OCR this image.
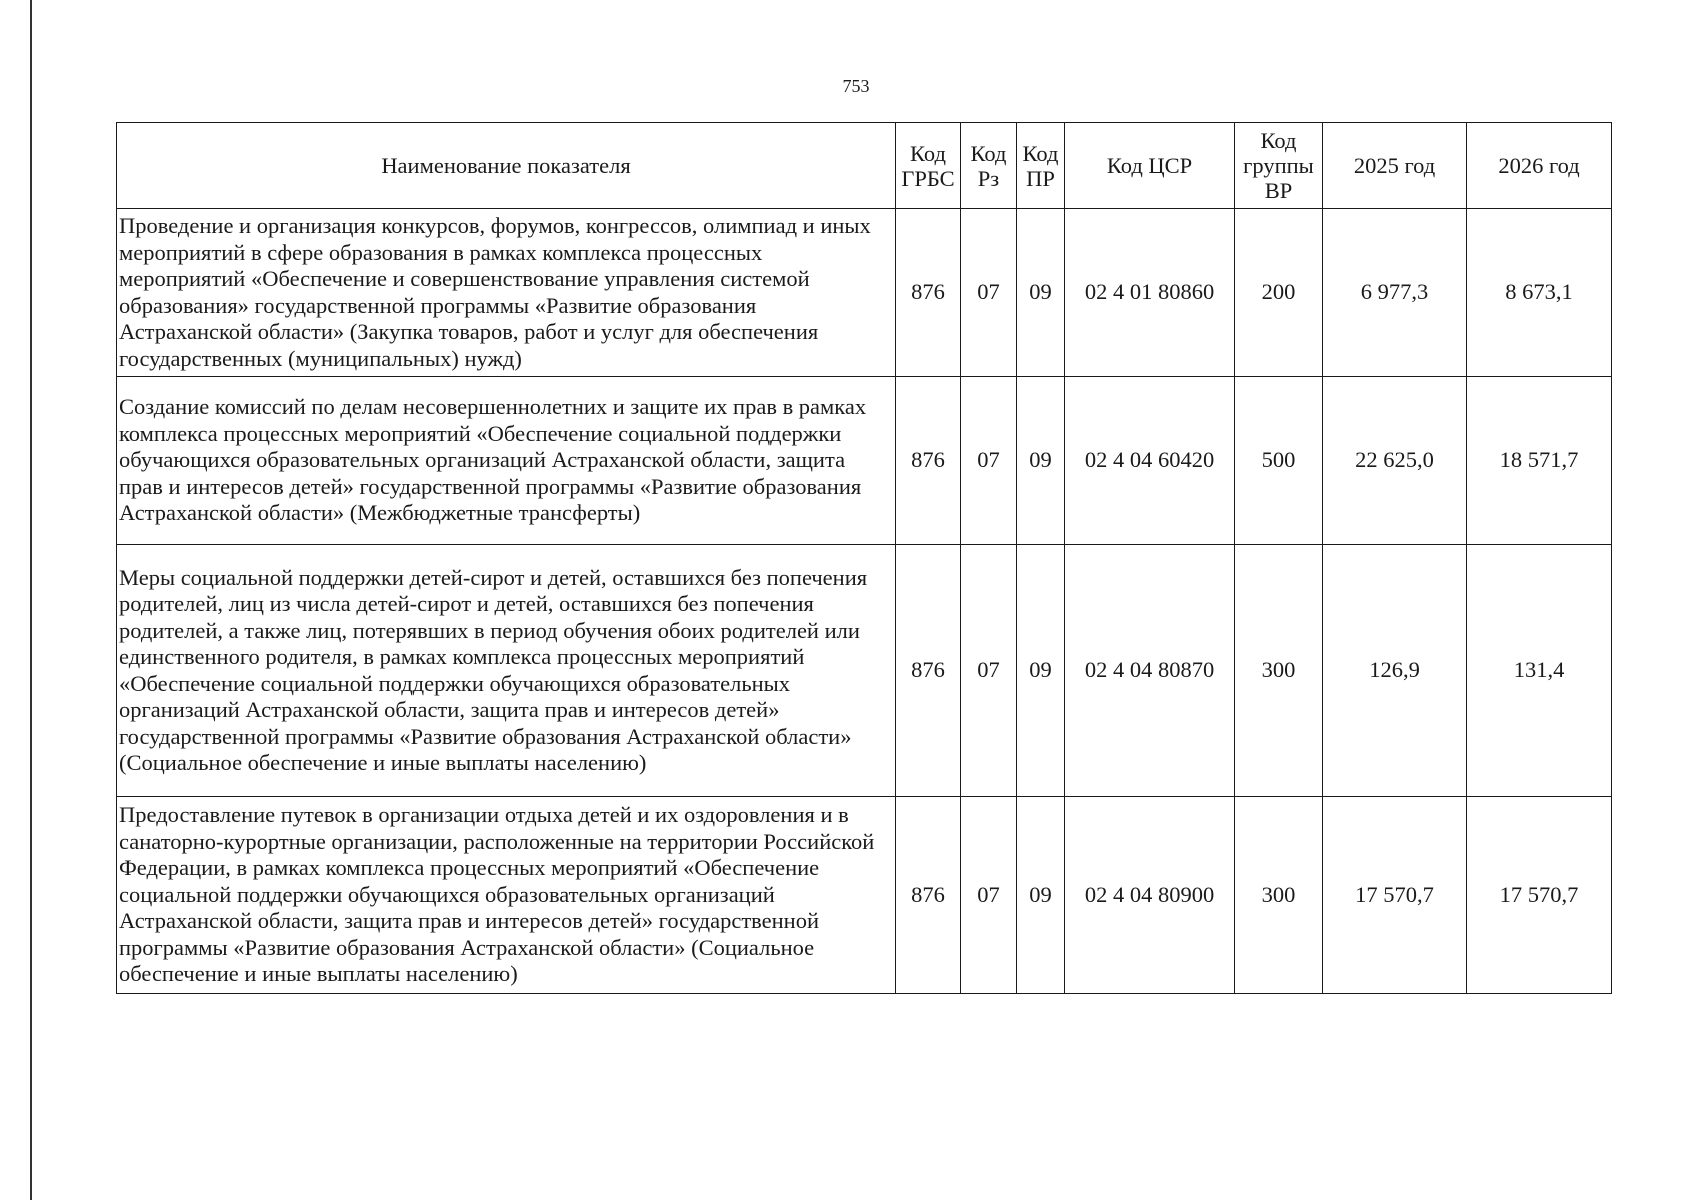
753
Наименование показателя	Код ГРБС	Код Рз	Код ПР	Код ЦСР	Код группы ВР	2025 год	2026 год
Проведение и организация конкурсов, форумов, конгрессов, олимпиад и иных мероприятий в сфере образования в рамках комплекса процессных мероприятий «Обеспечение и совершенствование управления системой образования» государственной программы «Развитие образования Астраханской области» (Закупка товаров, работ и услуг для обеспечения государственных (муниципальных) нужд)	876	07	09	02 4 01 80860	200	6 977,3	8 673,1
Создание комиссий по делам несовершеннолетних и защите их прав в рамках комплекса процессных мероприятий «Обеспечение социальной поддержки обучающихся образовательных организаций Астраханской области, защита прав и интересов детей» государственной программы «Развитие образования Астраханской области» (Межбюджетные трансферты)	876	07	09	02 4 04 60420	500	22 625,0	18 571,7
Меры социальной поддержки детей-сирот и детей, оставшихся без попечения родителей, лиц из числа детей-сирот и детей, оставшихся без попечения родителей, а также лиц, потерявших в период обучения обоих родителей или единственного родителя, в рамках комплекса процессных мероприятий «Обеспечение социальной поддержки обучающихся образовательных организаций Астраханской области, защита прав и интересов детей» государственной программы «Развитие образования Астраханской области» (Социальное обеспечение и иные выплаты населению)	876	07	09	02 4 04 80870	300	126,9	131,4
Предоставление путевок в организации отдыха детей и их оздоровления и в санаторно-курортные организации, расположенные на территории Российской Федерации, в рамках комплекса процессных мероприятий «Обеспечение социальной поддержки обучающихся образовательных организаций Астраханской области, защита прав и интересов детей» государственной программы «Развитие образования Астраханской области» (Социальное обеспечение и иные выплаты населению)	876	07	09	02 4 04 80900	300	17 570,7	17 570,7
